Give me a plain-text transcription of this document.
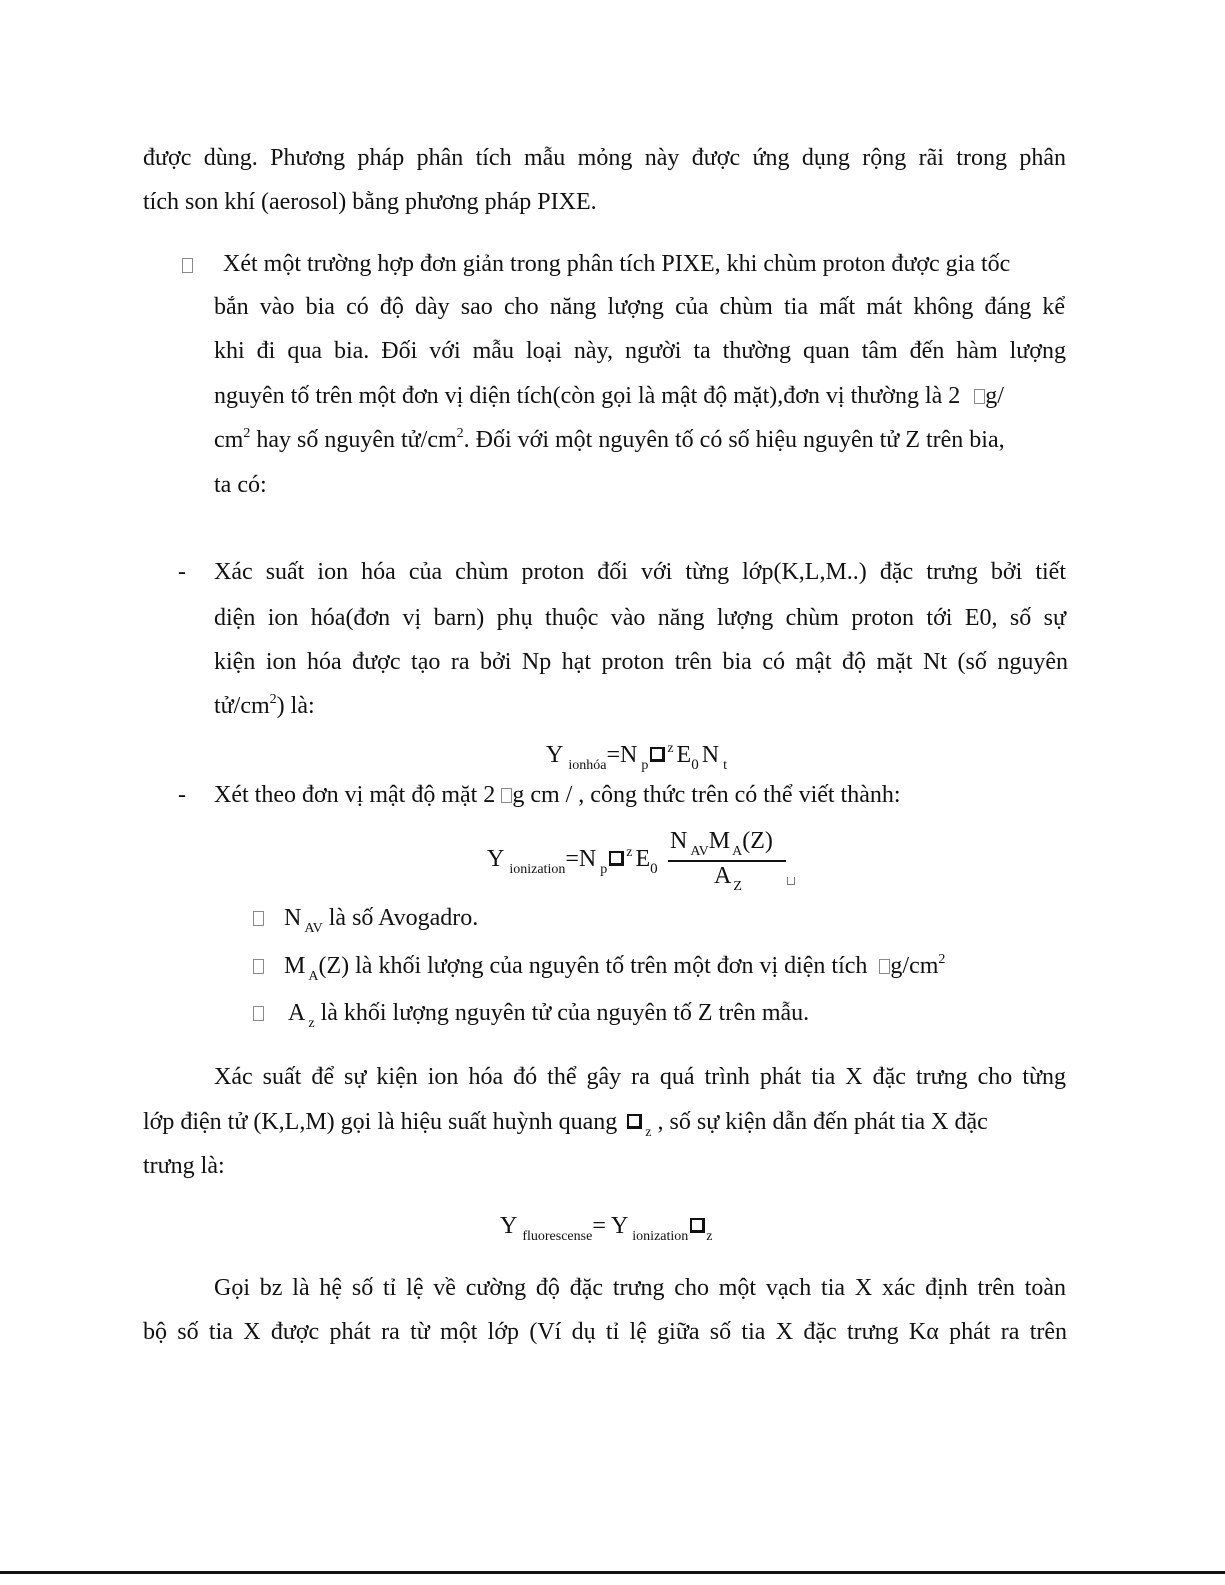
được dùng. Phương pháp phân tích mẫu mỏng này được ứng dụng rộng rãi trong phân
tích son khí (aerosol) bằng phương pháp PIXE.
Xét một trường hợp đơn giản trong phân tích PIXE, khi chùm proton được gia tốc
bắn vào bia có độ dày sao cho năng lượng của chùm tia mất mát không đáng kể
khi đi qua bia. Đối với mẫu loại này, người ta thường quan tâm đến hàm lượng
nguyên tố trên một đơn vị diện tích(còn gọi là mật độ mặt),đơn vị thường là 2 g/
$cm^2$ hay số nguyên $tử/cm^2$. Đối với một nguyên tố có số hiệu nguyên tử Z trên bia,
ta có:
- Xác suất ion hóa của chùm proton đối với từng lớp(K,L,M..) đặc trưng bởi tiết
diện ion hóa(đơn vị barn) phụ thuộc vào năng lượng chùm proton tới E0, số sự
kiện ion hóa được tạo ra bởi Np hạt proton trên bia có mật độ mặt Nt (số nguyên
$tử/cm^2$) là:
Y $_{ionhóa}$=N $_p^z$ $E_0$ N $_t$
- Xét theo đơn vị mật độ mặt 2 g cm / , công thức trên có thể viết thành:
Y $_{ionization}$=N $_p^z$ $E_0$
N $_{AV}$M $_A$(Z)
A $_Z$
N $_{AV}$ là số Avogadro.
M $_A$(Z) là khối lượng của nguyên tố trên một đơn vị diện tích $g/cm^2$
A $_z$ là khối lượng nguyên tử của nguyên tố Z trên mẫu.
Xác suất để sự kiện ion hóa đó thể gây ra quá trình phát tia X đặc trưng cho từng
lớp điện tử (K,L,M) gọi là hiệu suất huỳnh quang $_z$ , số sự kiện dẫn đến phát tia X đặc
trưng là:
Y $_{fluorescense}$= Y $_{ionization}$ $_z$
Gọi bz là hệ số tỉ lệ về cường độ đặc trưng cho một vạch tia X xác định trên toàn
bộ số tia X được phát ra từ một lớp (Ví dụ tỉ lệ giữa số tia X đặc trưng Kα phát ra trên
